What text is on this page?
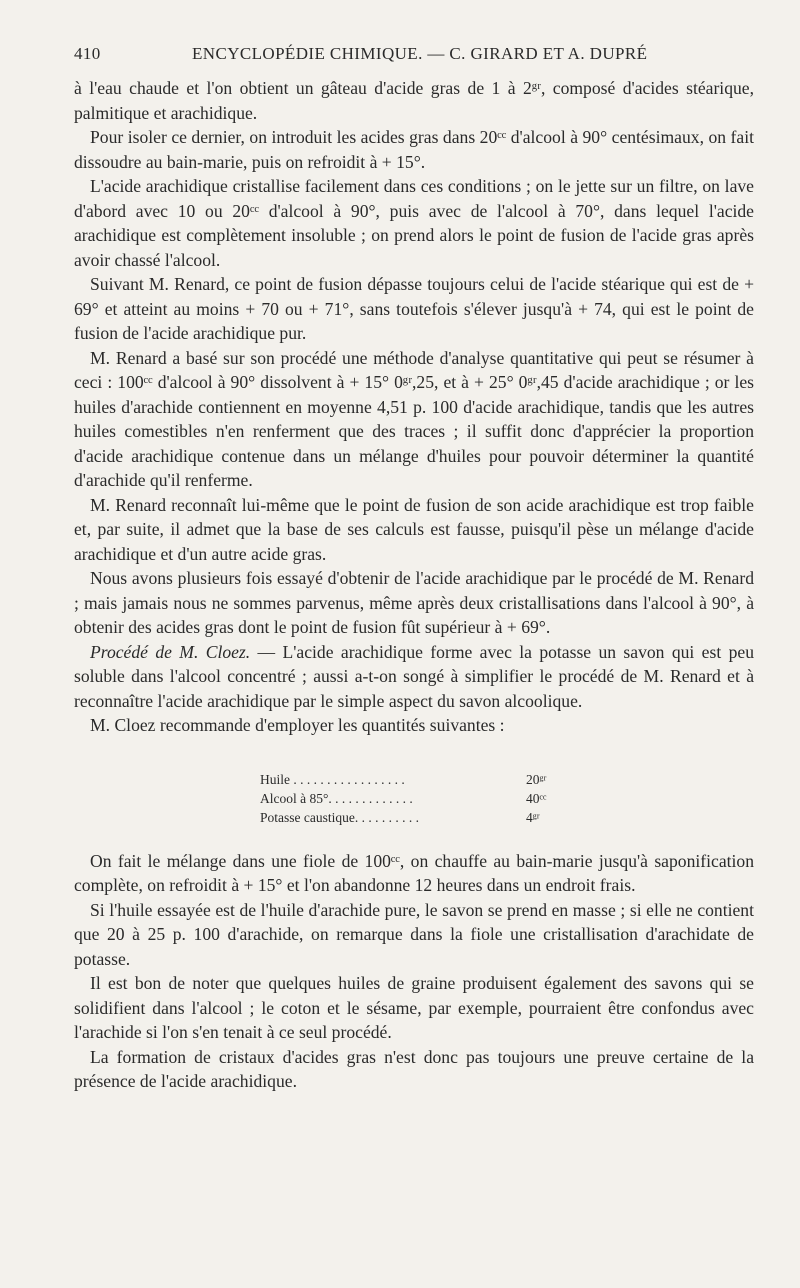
410	ENCYCLOPÉDIE CHIMIQUE. — C. GIRARD ET A. DUPRÉ

à l'eau chaude et l'on obtient un gâteau d'acide gras de 1 à 2ᵍʳ, composé d'acides stéarique, palmitique et arachidique.

Pour isoler ce dernier, on introduit les acides gras dans 20ᶜᶜ d'alcool à 90° centésimaux, on fait dissoudre au bain-marie, puis on refroidit à + 15°.

L'acide arachidique cristallise facilement dans ces conditions ; on le jette sur un filtre, on lave d'abord avec 10 ou 20ᶜᶜ d'alcool à 90°, puis avec de l'alcool à 70°, dans lequel l'acide arachidique est complètement insoluble ; on prend alors le point de fusion de l'acide gras après avoir chassé l'alcool.

Suivant M. Renard, ce point de fusion dépasse toujours celui de l'acide stéarique qui est de + 69° et atteint au moins + 70 ou + 71°, sans toutefois s'élever jusqu'à + 74, qui est le point de fusion de l'acide arachidique pur.

M. Renard a basé sur son procédé une méthode d'analyse quantitative qui peut se résumer à ceci : 100ᶜᶜ d'alcool à 90° dissolvent à + 15° 0ᵍʳ,25, et à + 25° 0ᵍʳ,45 d'acide arachidique ; or les huiles d'arachide contiennent en moyenne 4,51 p. 100 d'acide arachidique, tandis que les autres huiles comestibles n'en renferment que des traces ; il suffit donc d'apprécier la proportion d'acide arachidique contenue dans un mélange d'huiles pour pouvoir déterminer la quantité d'arachide qu'il renferme.

M. Renard reconnaît lui-même que le point de fusion de son acide arachidique est trop faible et, par suite, il admet que la base de ses calculs est fausse, puisqu'il pèse un mélange d'acide arachidique et d'un autre acide gras.

Nous avons plusieurs fois essayé d'obtenir de l'acide arachidique par le procédé de M. Renard ; mais jamais nous ne sommes parvenus, même après deux cristallisations dans l'alcool à 90°, à obtenir des acides gras dont le point de fusion fût supérieur à + 69°.

Procédé de M. Cloez. — L'acide arachidique forme avec la potasse un savon qui est peu soluble dans l'alcool concentré ; aussi a-t-on songé à simplifier le procédé de M. Renard et à reconnaître l'acide arachidique par le simple aspect du savon alcoolique.

M. Cloez recommande d'employer les quantités suivantes :

Huile . . . . . . . . . . . . . . . . .	20ᵍʳ
Alcool à 85°. . . . . . . . . . . . .	40ᶜᶜ
Potasse caustique. . . . . . . . . .	4ᵍʳ

On fait le mélange dans une fiole de 100ᶜᶜ, on chauffe au bain-marie jusqu'à saponification complète, on refroidit à + 15° et l'on abandonne 12 heures dans un endroit frais.

Si l'huile essayée est de l'huile d'arachide pure, le savon se prend en masse ; si elle ne contient que 20 à 25 p. 100 d'arachide, on remarque dans la fiole une cristallisation d'arachidate de potasse.

Il est bon de noter que quelques huiles de graine produisent également des savons qui se solidifient dans l'alcool ; le coton et le sésame, par exemple, pourraient être confondus avec l'arachide si l'on s'en tenait à ce seul procédé.

La formation de cristaux d'acides gras n'est donc pas toujours une preuve certaine de la présence de l'acide arachidique.
